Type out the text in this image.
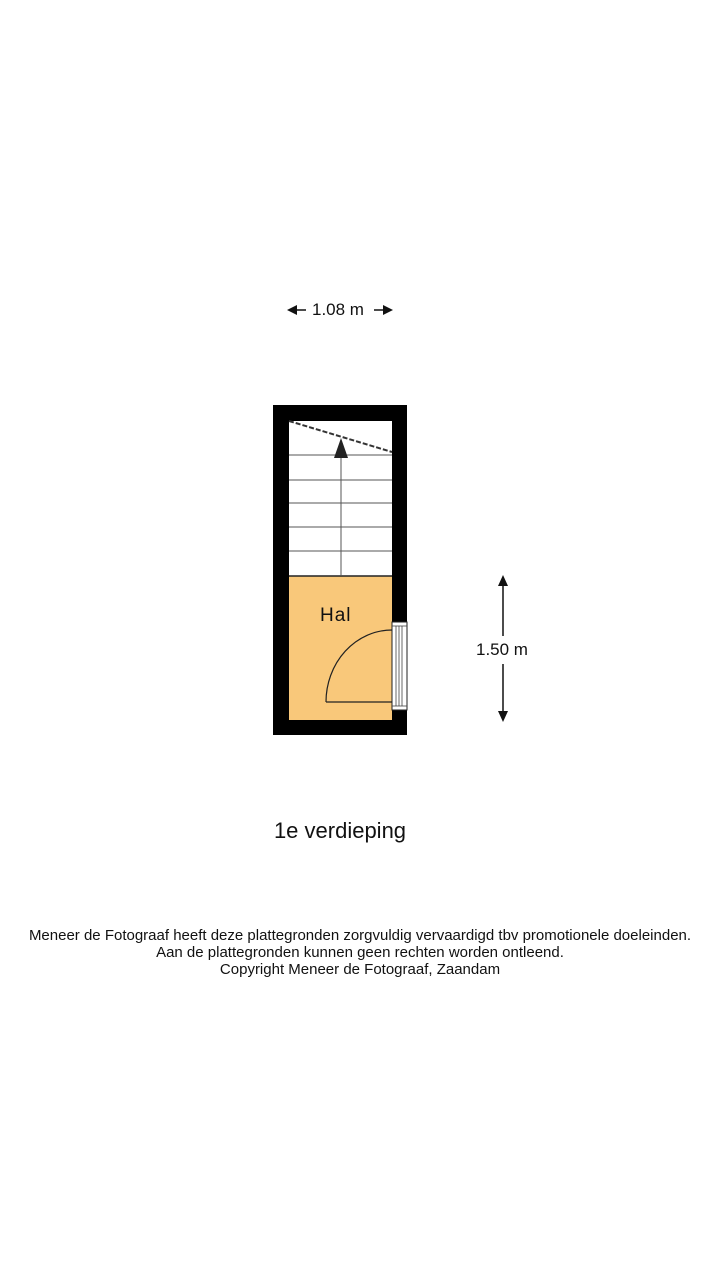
1.08 m
1.50 m
Hal
1e verdieping
Meneer de Fotograaf heeft deze plattegronden zorgvuldig vervaardigd tbv promotionele doeleinden.
Aan de plattegronden kunnen geen rechten worden ontleend.
Copyright Meneer de Fotograaf, Zaandam
